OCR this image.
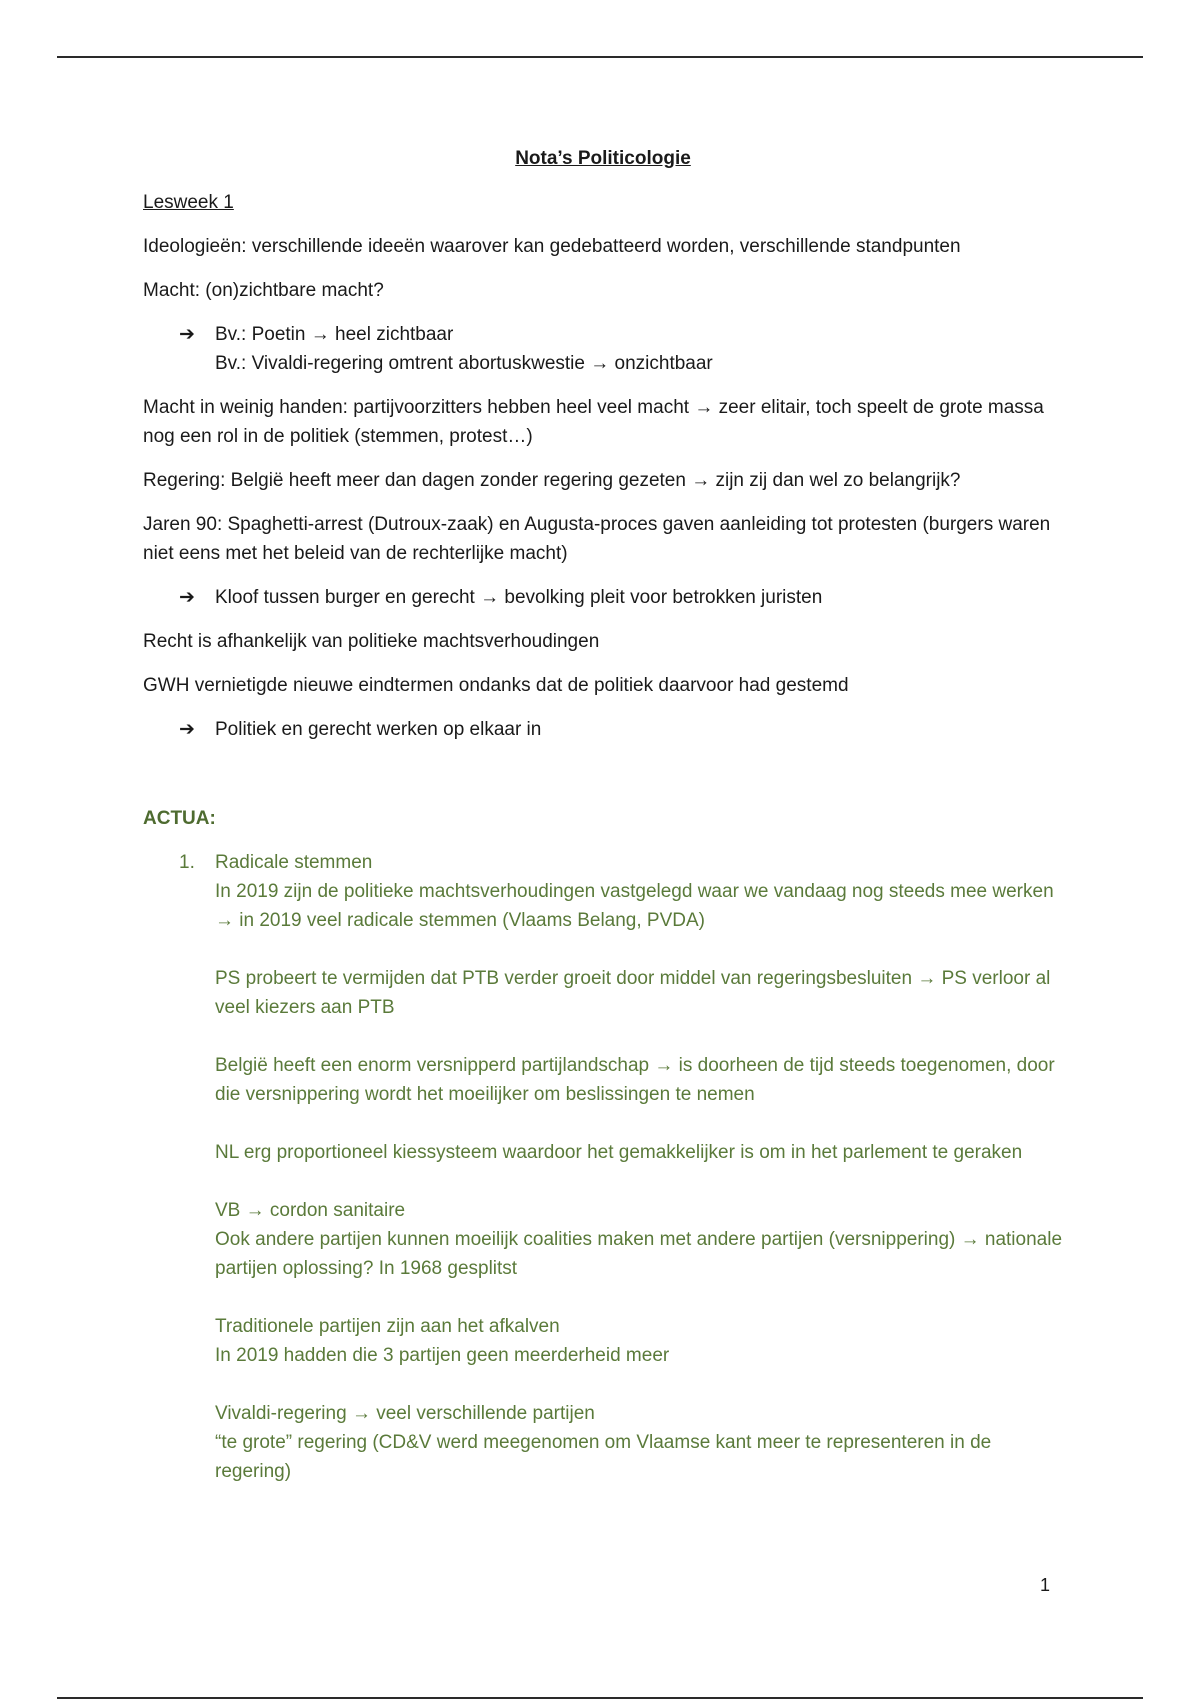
Nota’s Politicologie
Lesweek 1
Ideologieën: verschillende ideeën waarover kan gedebatteerd worden, verschillende standpunten
Macht: (on)zichtbare macht?
➔ Bv.: Poetin → heel zichtbaar
Bv.: Vivaldi-regering omtrent abortuskwestie → onzichtbaar
Macht in weinig handen: partijvoorzitters hebben heel veel macht → zeer elitair, toch speelt de grote massa nog een rol in de politiek (stemmen, protest…)
Regering: België heeft meer dan dagen zonder regering gezeten → zijn zij dan wel zo belangrijk?
Jaren 90: Spaghetti-arrest (Dutroux-zaak) en Augusta-proces gaven aanleiding tot protesten (burgers waren niet eens met het beleid van de rechterlijke macht)
➔ Kloof tussen burger en gerecht → bevolking pleit voor betrokken juristen
Recht is afhankelijk van politieke machtsverhoudingen
GWH vernietigde nieuwe eindtermen ondanks dat de politiek daarvoor had gestemd
➔ Politiek en gerecht werken op elkaar in
ACTUA:
1. Radicale stemmen
In 2019 zijn de politieke machtsverhoudingen vastgelegd waar we vandaag nog steeds mee werken → in 2019 veel radicale stemmen (Vlaams Belang, PVDA)
PS probeert te vermijden dat PTB verder groeit door middel van regeringsbesluiten → PS verloor al veel kiezers aan PTB
België heeft een enorm versnipperd partijlandschap → is doorheen de tijd steeds toegenomen, door die versnippering wordt het moeilijker om beslissingen te nemen
NL erg proportioneel kiessysteem waardoor het gemakkelijker is om in het parlement te geraken
VB → cordon sanitaire
Ook andere partijen kunnen moeilijk coalities maken met andere partijen (versnippering) → nationale partijen oplossing? In 1968 gesplitst
Traditionele partijen zijn aan het afkalven
In 2019 hadden die 3 partijen geen meerderheid meer
Vivaldi-regering → veel verschillende partijen
“te grote” regering (CD&V werd meegenomen om Vlaamse kant meer te representeren in de regering)
1
